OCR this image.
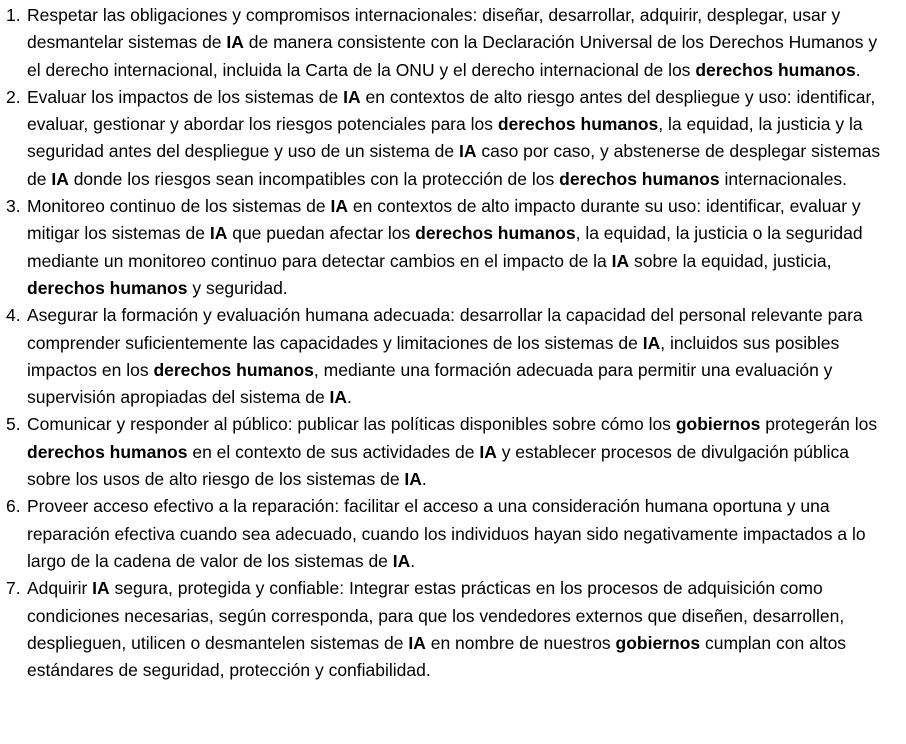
1. Respetar las obligaciones y compromisos internacionales: diseñar, desarrollar, adquirir, desplegar, usar y desmantelar sistemas de IA de manera consistente con la Declaración Universal de los Derechos Humanos y el derecho internacional, incluida la Carta de la ONU y el derecho internacional de los derechos humanos.
2. Evaluar los impactos de los sistemas de IA en contextos de alto riesgo antes del despliegue y uso: identificar, evaluar, gestionar y abordar los riesgos potenciales para los derechos humanos, la equidad, la justicia y la seguridad antes del despliegue y uso de un sistema de IA caso por caso, y abstenerse de desplegar sistemas de IA donde los riesgos sean incompatibles con la protección de los derechos humanos internacionales.
3. Monitoreo continuo de los sistemas de IA en contextos de alto impacto durante su uso: identificar, evaluar y mitigar los sistemas de IA que puedan afectar los derechos humanos, la equidad, la justicia o la seguridad mediante un monitoreo continuo para detectar cambios en el impacto de la IA sobre la equidad, justicia, derechos humanos y seguridad.
4. Asegurar la formación y evaluación humana adecuada: desarrollar la capacidad del personal relevante para comprender suficientemente las capacidades y limitaciones de los sistemas de IA, incluidos sus posibles impactos en los derechos humanos, mediante una formación adecuada para permitir una evaluación y supervisión apropiadas del sistema de IA.
5. Comunicar y responder al público: publicar las políticas disponibles sobre cómo los gobiernos protegerán los derechos humanos en el contexto de sus actividades de IA y establecer procesos de divulgación pública sobre los usos de alto riesgo de los sistemas de IA.
6. Proveer acceso efectivo a la reparación: facilitar el acceso a una consideración humana oportuna y una reparación efectiva cuando sea adecuado, cuando los individuos hayan sido negativamente impactados a lo largo de la cadena de valor de los sistemas de IA.
7. Adquirir IA segura, protegida y confiable: Integrar estas prácticas en los procesos de adquisición como condiciones necesarias, según corresponda, para que los vendedores externos que diseñen, desarrollen, desplieguen, utilicen o desmantelen sistemas de IA en nombre de nuestros gobiernos cumplan con altos estándares de seguridad, protección y confiabilidad.
